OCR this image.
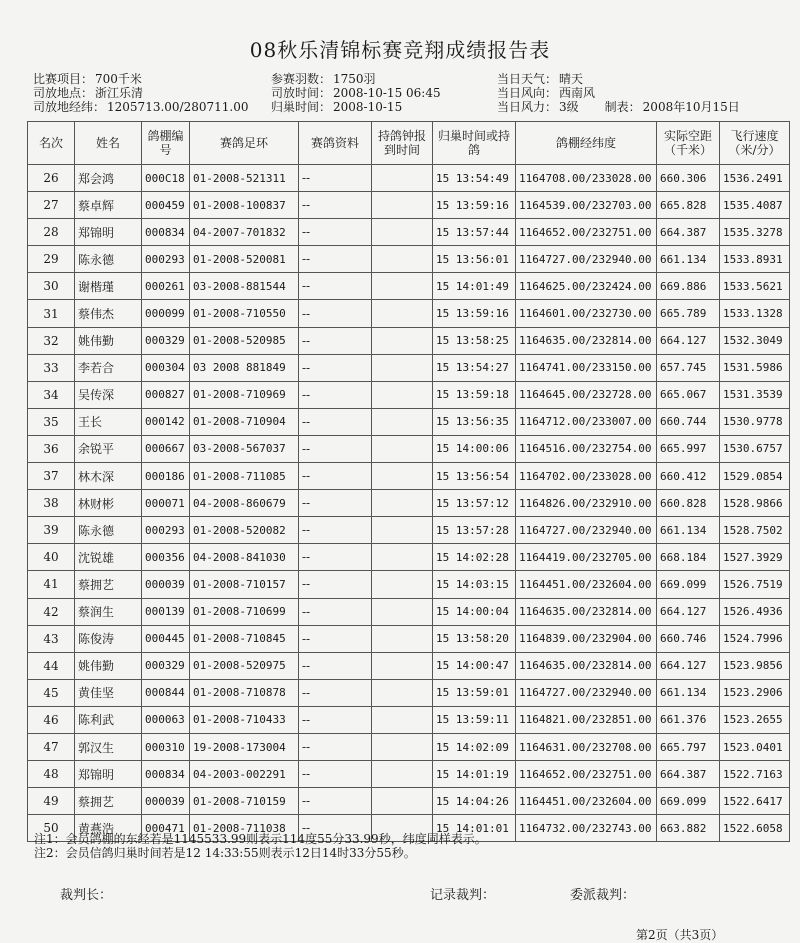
08秋乐清锦标赛竞翔成绩报告表
比赛项目： 700千米
司放地点： 浙江乐清
司放地经纬： 1205713.00/280711.00
参赛羽数： 1750羽
司放时间： 2008-10-15 06:45
归巢时间： 2008-10-15
当日天气： 晴天
当日风向： 西南风
当日风力： 3级 制表： 2008年10月15日
名次	姓名	鸽棚编号	赛鸽足环	赛鸽资料	持鸽钟报到时间	归巢时间或持鸽	鸽棚经纬度	实际空距（千米）	飞行速度（米/分）
26	郑会鸿	000C18	01-2008-521311	--		15 13:54:49	1164708.00/233028.00	660.306	1536.2491
27	蔡卓辉	000459	01-2008-100837	--		15 13:59:16	1164539.00/232703.00	665.828	1535.4087
28	郑锦明	000834	04-2007-701832	--		15 13:57:44	1164652.00/232751.00	664.387	1535.3278
29	陈永德	000293	01-2008-520081	--		15 13:56:01	1164727.00/232940.00	661.134	1533.8931
30	谢楷瑾	000261	03-2008-881544	--		15 14:01:49	1164625.00/232424.00	669.886	1533.5621
31	蔡伟杰	000099	01-2008-710550	--		15 13:59:16	1164601.00/232730.00	665.789	1533.1328
32	姚伟勤	000329	01-2008-520985	--		15 13:58:25	1164635.00/232814.00	664.127	1532.3049
33	李若合	000304	03 2008 881849	--		15 13:54:27	1164741.00/233150.00	657.745	1531.5986
34	吴传深	000827	01-2008-710969	--		15 13:59:18	1164645.00/232728.00	665.067	1531.3539
35	王长	000142	01-2008-710904	--		15 13:56:35	1164712.00/233007.00	660.744	1530.9778
36	余锐平	000667	03-2008-567037	--		15 14:00:06	1164516.00/232754.00	665.997	1530.6757
37	林木深	000186	01-2008-711085	--		15 13:56:54	1164702.00/233028.00	660.412	1529.0854
38	林财彬	000071	04-2008-860679	--		15 13:57:12	1164826.00/232910.00	660.828	1528.9866
39	陈永德	000293	01-2008-520082	--		15 13:57:28	1164727.00/232940.00	661.134	1528.7502
40	沈锐雄	000356	04-2008-841030	--		15 14:02:28	1164419.00/232705.00	668.184	1527.3929
41	蔡拥艺	000039	01-2008-710157	--		15 14:03:15	1164451.00/232604.00	669.099	1526.7519
42	蔡润生	000139	01-2008-710699	--		15 14:00:04	1164635.00/232814.00	664.127	1526.4936
43	陈俊涛	000445	01-2008-710845	--		15 13:58:20	1164839.00/232904.00	660.746	1524.7996
44	姚伟勤	000329	01-2008-520975	--		15 14:00:47	1164635.00/232814.00	664.127	1523.9856
45	黄佳坚	000844	01-2008-710878	--		15 13:59:01	1164727.00/232940.00	661.134	1523.2906
46	陈利武	000063	01-2008-710433	--		15 13:59:11	1164821.00/232851.00	661.376	1523.2655
47	郭汉生	000310	19-2008-173004	--		15 14:02:09	1164631.00/232708.00	665.797	1523.0401
48	郑锦明	000834	04-2003-002291	--		15 14:01:19	1164652.00/232751.00	664.387	1522.7163
49	蔡拥艺	000039	01-2008-710159	--		15 14:04:26	1164451.00/232604.00	669.099	1522.6417
50	黄燕浩	000471	01-2008-711038	--		15 14:01:01	1164732.00/232743.00	663.882	1522.6058
注1：会员鸽棚的东经若是1145533.99则表示114度55分33.99秒，纬度同样表示。
注2：会员信鸽归巢时间若是12 14:33:55则表示12日14时33分55秒。
裁判长：	记录裁判：	委派裁判：
第2页（共3页）
